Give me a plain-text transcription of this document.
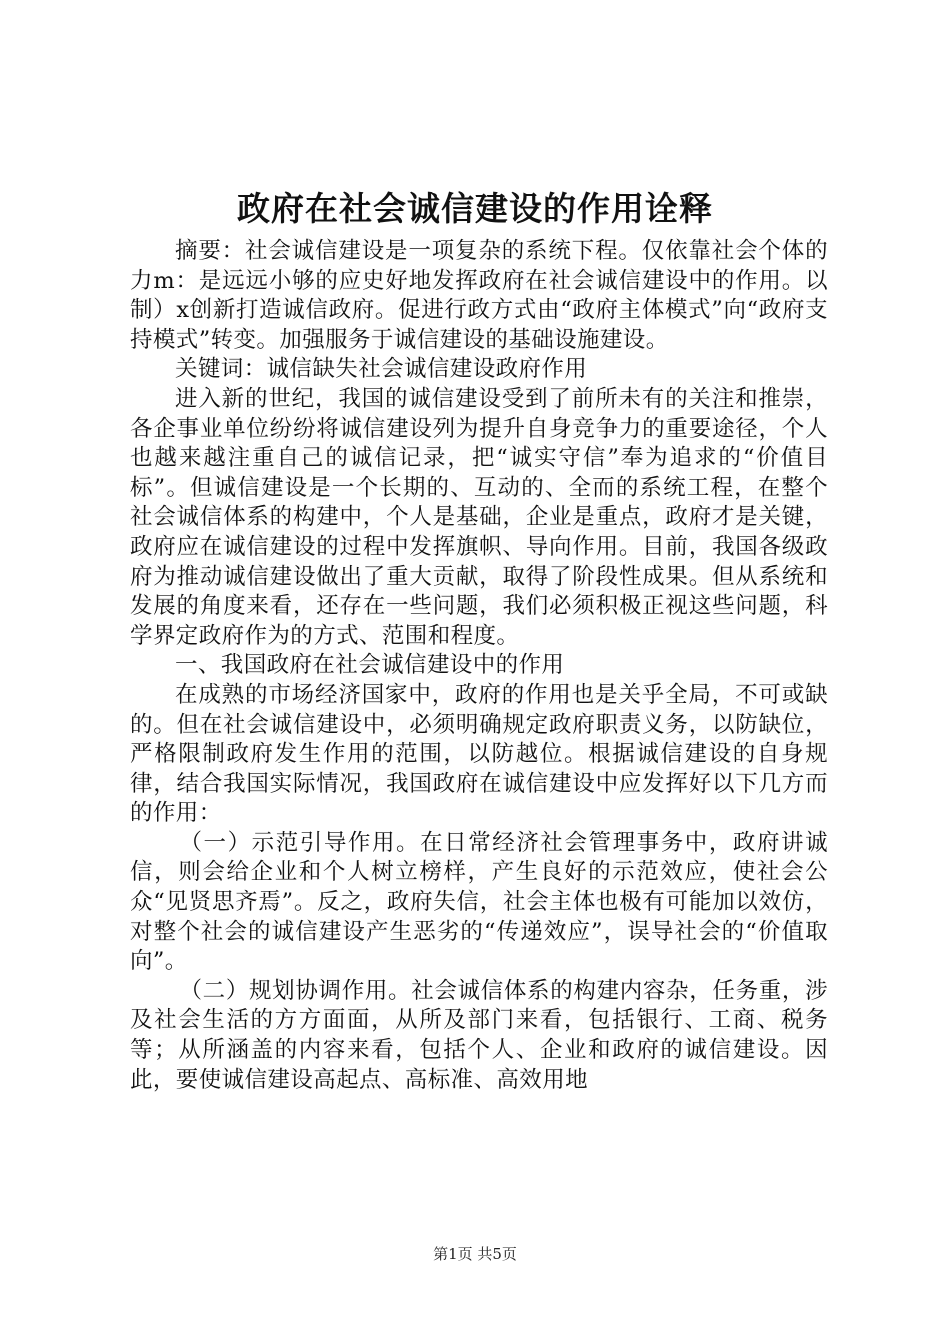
政府在社会诚信建设的作用诠释

摘要：社会诚信建设是一项复杂的系统下程。仅依靠社会个体的力m：是远远小够的应史好地发挥政府在社会诚信建设中的作用。以制）x创新打造诚信政府。促进行政方式由“政府主体模式”向“政府支持模式”转变。加强服务于诚信建设的基础设施建设。

关键词：诚信缺失社会诚信建设政府作用

进入新的世纪，我国的诚信建设受到了前所未有的关注和推崇，各企事业单位纷纷将诚信建设列为提升自身竞争力的重要途径，个人也越来越注重自己的诚信记录，把“诚实守信”奉为追求的“价值目标”。但诚信建设是一个长期的、互动的、全而的系统工程，在整个社会诚信体系的构建中，个人是基础，企业是重点，政府才是关键，政府应在诚信建设的过程中发挥旗帜、导向作用。目前，我国各级政府为推动诚信建设做出了重大贡献，取得了阶段性成果。但从系统和发展的角度来看，还存在一些问题，我们必须积极正视这些问题，科学界定政府作为的方式、范围和程度。

一、我国政府在社会诚信建设中的作用

在成熟的市场经济国家中，政府的作用也是关乎全局，不可或缺的。但在社会诚信建设中，必须明确规定政府职责义务，以防缺位，严格限制政府发生作用的范围，以防越位。根据诚信建设的自身规律，结合我国实际情况，我国政府在诚信建设中应发挥好以下几方而的作用：

（一）示范引导作用。在日常经济社会管理事务中，政府讲诚信，则会给企业和个人树立榜样，产生良好的示范效应，使社会公众“见贤思齐焉”。反之，政府失信，社会主体也极有可能加以效仿，对整个社会的诚信建设产生恶劣的“传递效应”，误导社会的“价值取向”。

（二）规划协调作用。社会诚信体系的构建内容杂，任务重，涉及社会生活的方方面面，从所及部门来看，包括银行、工商、税务等；从所涵盖的内容来看，包括个人、企业和政府的诚信建设。因此，要使诚信建设高起点、高标准、高效用地

第1页 共5页
